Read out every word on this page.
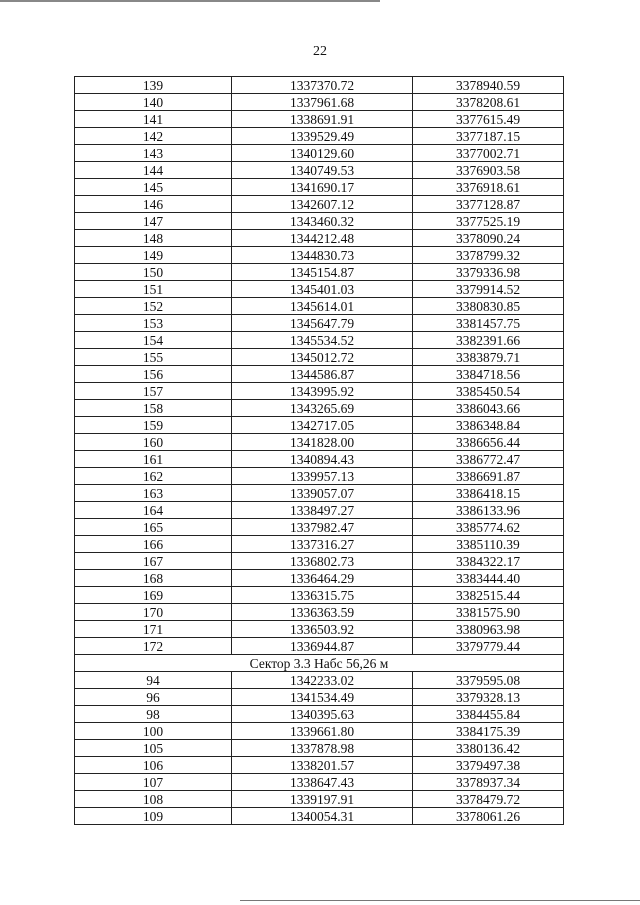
22
139	1337370.72	3378940.59
140	1337961.68	3378208.61
141	1338691.91	3377615.49
142	1339529.49	3377187.15
143	1340129.60	3377002.71
144	1340749.53	3376903.58
145	1341690.17	3376918.61
146	1342607.12	3377128.87
147	1343460.32	3377525.19
148	1344212.48	3378090.24
149	1344830.73	3378799.32
150	1345154.87	3379336.98
151	1345401.03	3379914.52
152	1345614.01	3380830.85
153	1345647.79	3381457.75
154	1345534.52	3382391.66
155	1345012.72	3383879.71
156	1344586.87	3384718.56
157	1343995.92	3385450.54
158	1343265.69	3386043.66
159	1342717.05	3386348.84
160	1341828.00	3386656.44
161	1340894.43	3386772.47
162	1339957.13	3386691.87
163	1339057.07	3386418.15
164	1338497.27	3386133.96
165	1337982.47	3385774.62
166	1337316.27	3385110.39
167	1336802.73	3384322.17
168	1336464.29	3383444.40
169	1336315.75	3382515.44
170	1336363.59	3381575.90
171	1336503.92	3380963.98
172	1336944.87	3379779.44
Сектор 3.3 Набс 56,26 м		
94	1342233.02	3379595.08
96	1341534.49	3379328.13
98	1340395.63	3384455.84
100	1339661.80	3384175.39
105	1337878.98	3380136.42
106	1338201.57	3379497.38
107	1338647.43	3378937.34
108	1339197.91	3378479.72
109	1340054.31	3378061.26
